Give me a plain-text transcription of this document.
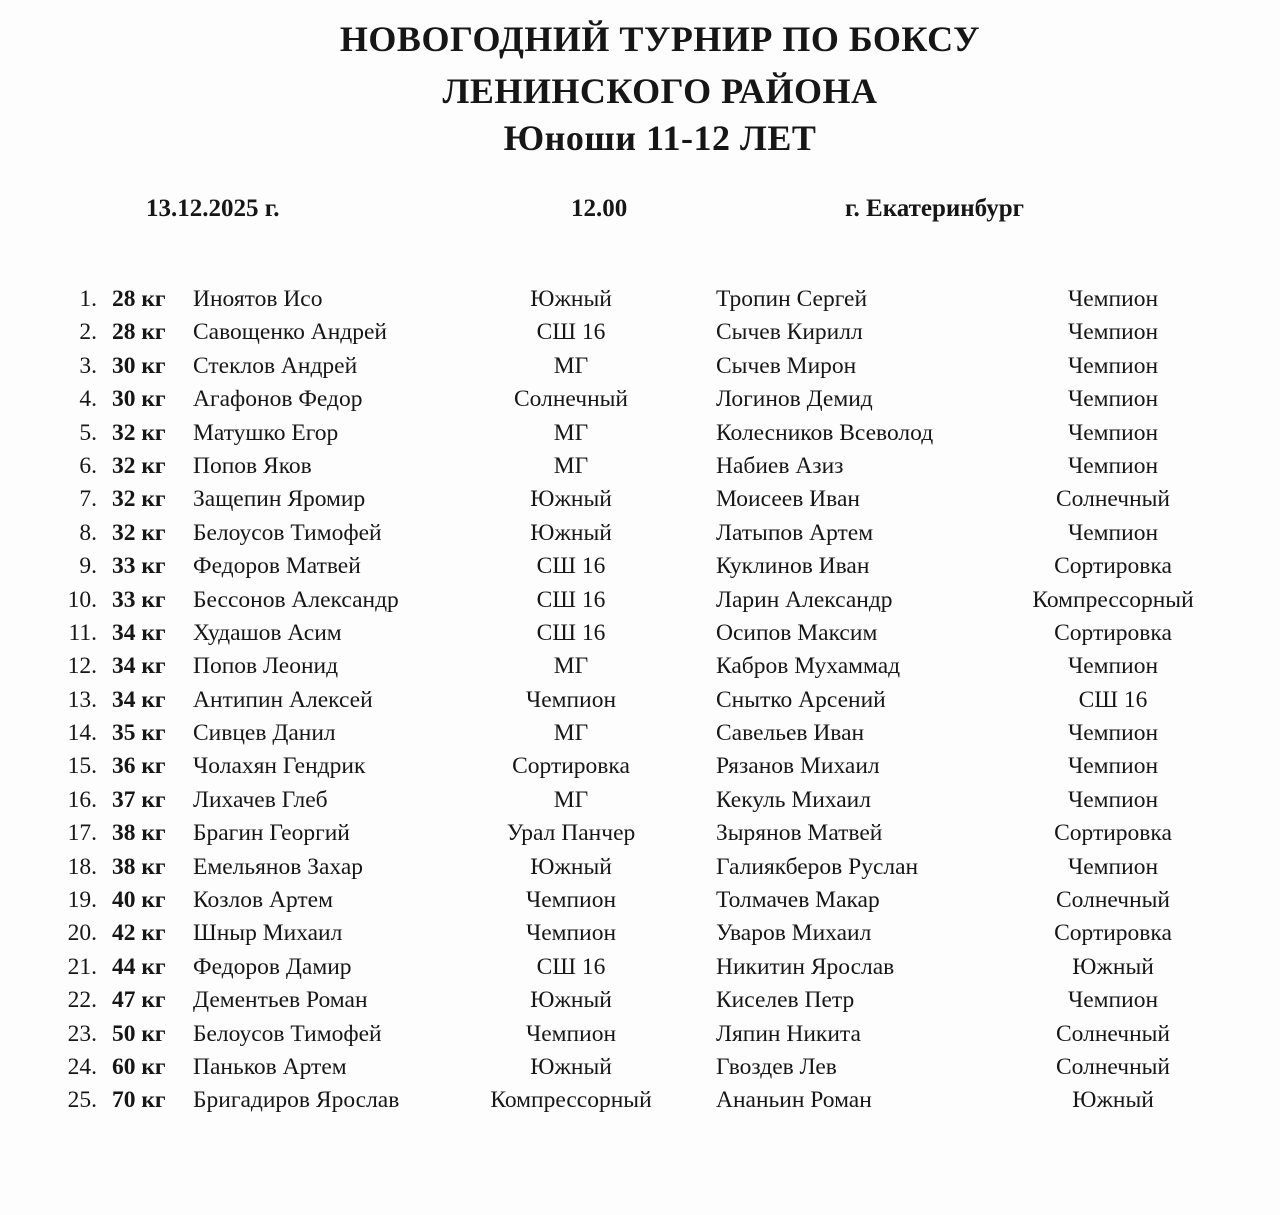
НОВОГОДНИЙ ТУРНИР ПО БОКСУ
ЛЕНИНСКОГО РАЙОНА
Юноши 11-12 ЛЕТ
13.12.2025 г.	12.00	г. Екатеринбург
1. 28 кг Иноятов Исо	Южный	Тропин Сергей	Чемпион
2. 28 кг Савощенко Андрей	СШ 16	Сычев Кирилл	Чемпион
3. 30 кг Стеклов Андрей	МГ	Сычев Мирон	Чемпион
4. 30 кг Агафонов Федор	Солнечный	Логинов Демид	Чемпион
5. 32 кг Матушко Егор	МГ	Колесников Всеволод	Чемпион
6. 32 кг Попов Яков	МГ	Набиев Азиз	Чемпион
7. 32 кг Защепин Яромир	Южный	Моисеев Иван	Солнечный
8. 32 кг Белоусов Тимофей	Южный	Латыпов Артем	Чемпион
9. 33 кг Федоров Матвей	СШ 16	Куклинов Иван	Сортировка
10. 33 кг Бессонов Александр	СШ 16	Ларин Александр	Компрессорный
11. 34 кг Худашов Асим	СШ 16	Осипов Максим	Сортировка
12. 34 кг Попов Леонид	МГ	Кабров Мухаммад	Чемпион
13. 34 кг Антипин Алексей	Чемпион	Снытко Арсений	СШ 16
14. 35 кг Сивцев Данил	МГ	Савельев Иван	Чемпион
15. 36 кг Чолахян Гендрик	Сортировка	Рязанов Михаил	Чемпион
16. 37 кг Лихачев Глеб	МГ	Кекуль Михаил	Чемпион
17. 38 кг Брагин Георгий	Урал Панчер	Зырянов Матвей	Сортировка
18. 38 кг Емельянов Захар	Южный	Галиякберов Руслан	Чемпион
19. 40 кг Козлов Артем	Чемпион	Толмачев Макар	Солнечный
20. 42 кг Шныр Михаил	Чемпион	Уваров Михаил	Сортировка
21. 44 кг Федоров Дамир	СШ 16	Никитин Ярослав	Южный
22. 47 кг Дементьев Роман	Южный	Киселев Петр	Чемпион
23. 50 кг Белоусов Тимофей	Чемпион	Ляпин Никита	Солнечный
24. 60 кг Паньков Артем	Южный	Гвоздев Лев	Солнечный
25. 70 кг Бригадиров Ярослав	Компрессорный	Ананьин Роман	Южный
